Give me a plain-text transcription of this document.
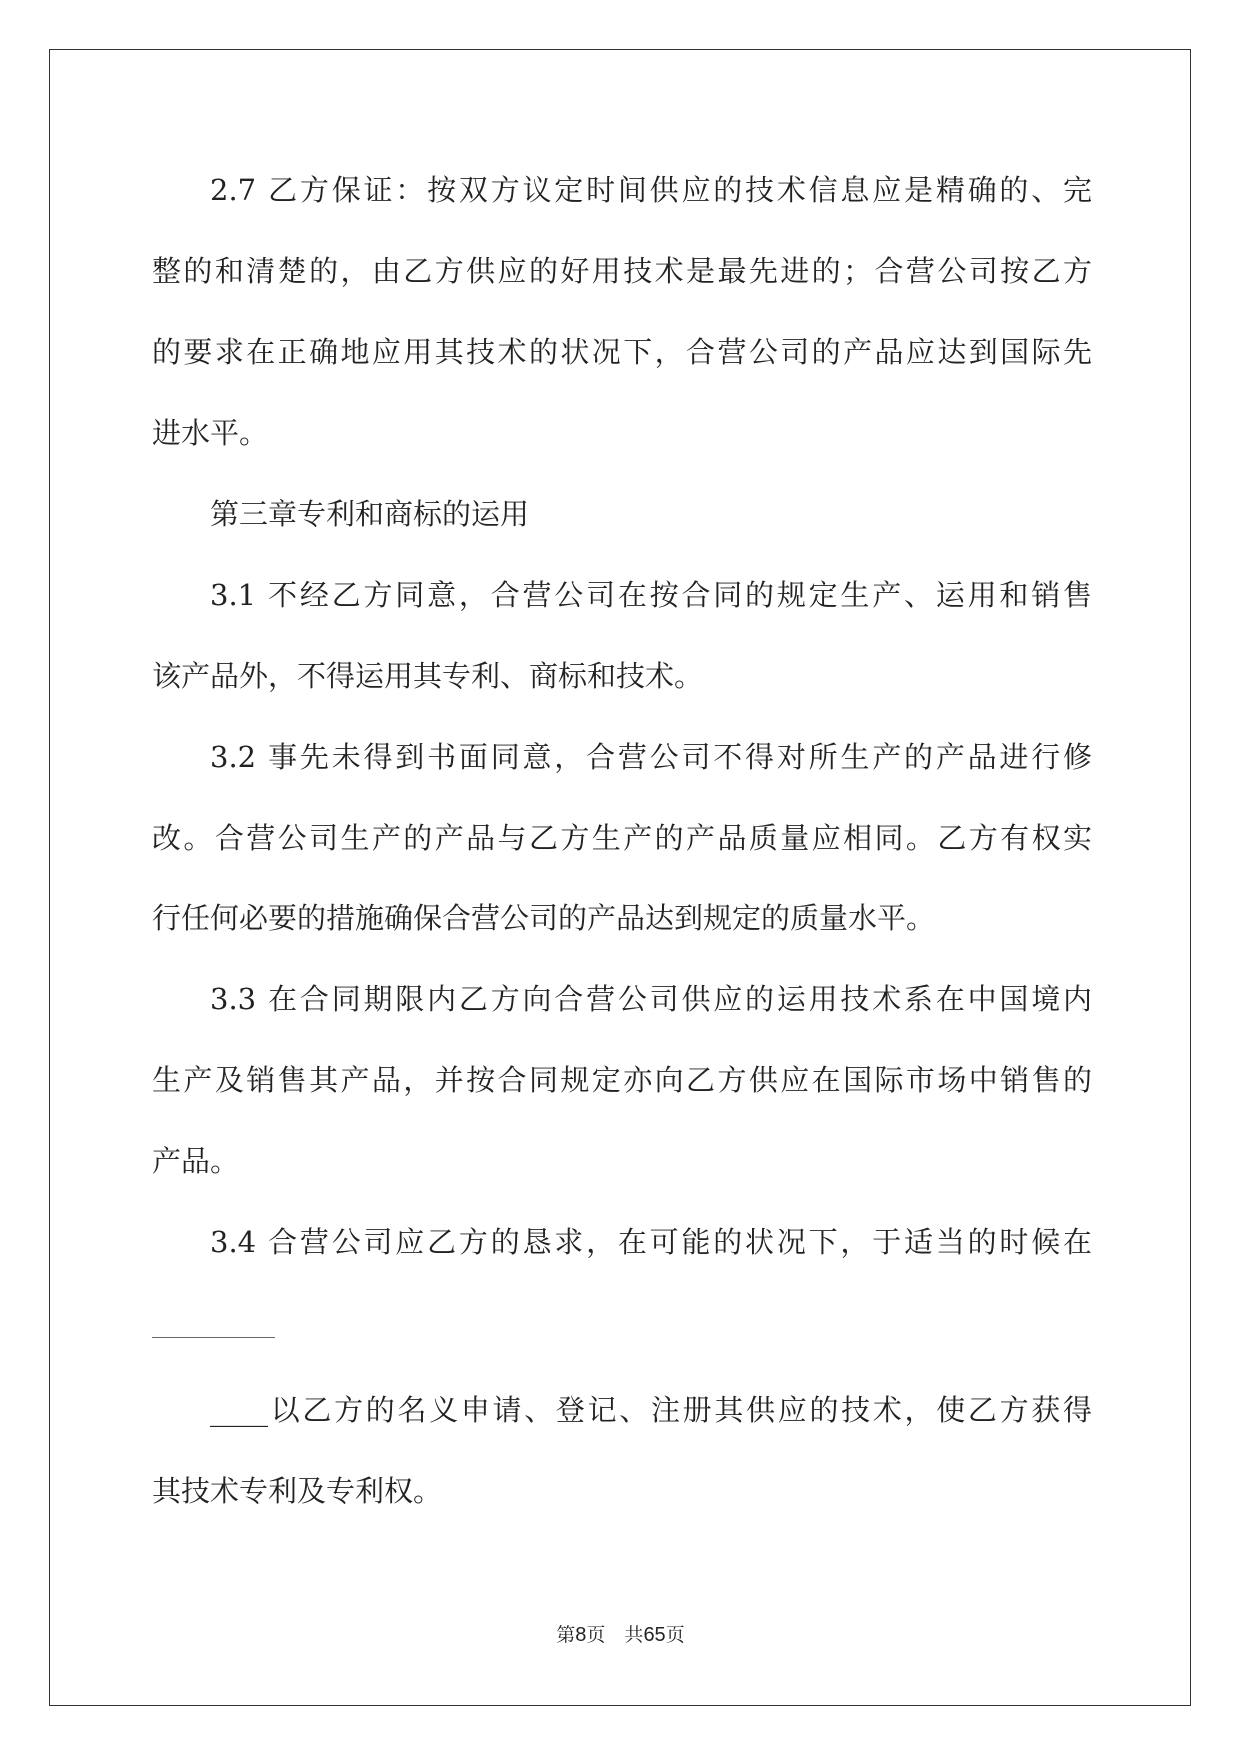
2.7 乙方保证：按双方议定时间供应的技术信息应是精确的、完
整的和清楚的，由乙方供应的好用技术是最先进的；合营公司按乙方
的要求在正确地应用其技术的状况下，合营公司的产品应达到国际先
进水平。
第三章专利和商标的运用
3.1 不经乙方同意，合营公司在按合同的规定生产、运用和销售
该产品外，不得运用其专利、商标和技术。
3.2 事先未得到书面同意，合营公司不得对所生产的产品进行修
改。合营公司生产的产品与乙方生产的产品质量应相同。乙方有权实
行任何必要的措施确保合营公司的产品达到规定的质量水平。
3.3 在合同期限内乙方向合营公司供应的运用技术系在中国境内
生产及销售其产品，并按合同规定亦向乙方供应在国际市场中销售的
产品。
3.4 合营公司应乙方的恳求，在可能的状况下，于适当的时候在
____以乙方的名义申请、登记、注册其供应的技术，使乙方获得
其技术专利及专利权。
第8页　共65页
